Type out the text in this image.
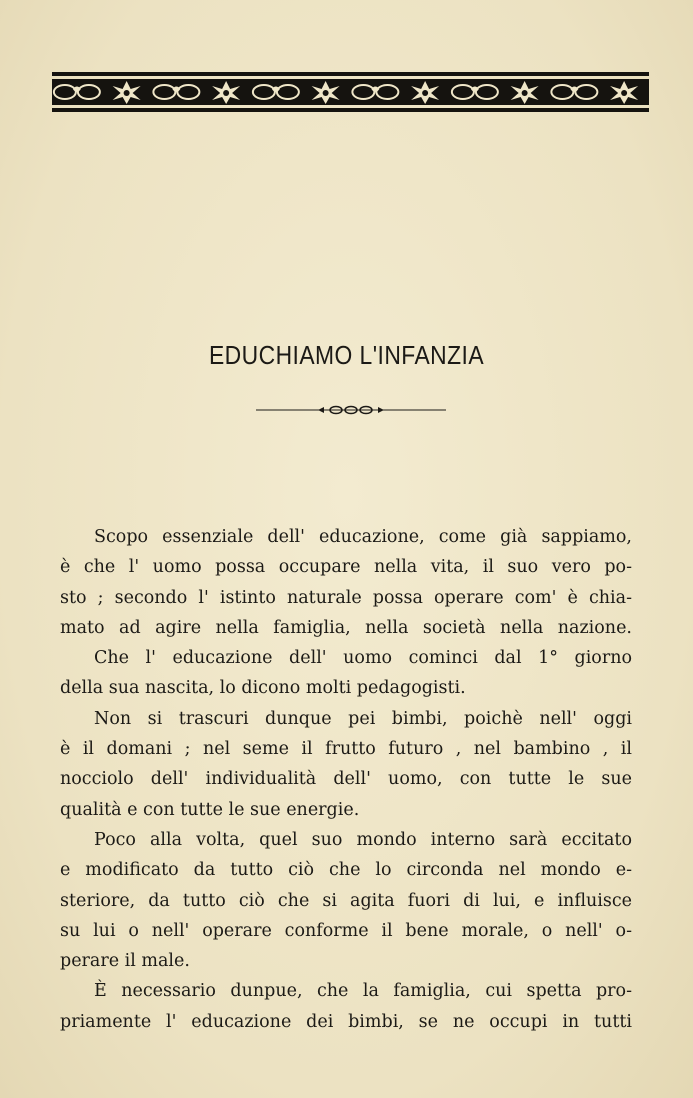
EDUCHIAMO L'INFANZIA
Scopo essenziale dell' educazione, come già sappiamo,
è che l' uomo possa occupare nella vita, il suo vero po-
sto ; secondo l' istinto naturale possa operare com' è chia-
mato ad agire nella famiglia, nella società nella nazione.
Che l' educazione dell' uomo cominci dal 1° giorno
della sua nascita, lo dicono molti pedagogisti.
Non si trascuri dunque pei bimbi, poichè nell' oggi
è il domani ; nel seme il frutto futuro , nel bambino , il
nocciolo dell' individualità dell' uomo, con tutte le sue
qualità e con tutte le sue energie.
Poco alla volta, quel suo mondo interno sarà eccitato
e modificato da tutto ciò che lo circonda nel mondo e-
steriore, da tutto ciò che si agita fuori di lui, e influisce
su lui o nell' operare conforme il bene morale, o nell' o-
perare il male.
È necessario dunpue, che la famiglia, cui spetta pro-
priamente l' educazione dei bimbi, se ne occupi in tutti
